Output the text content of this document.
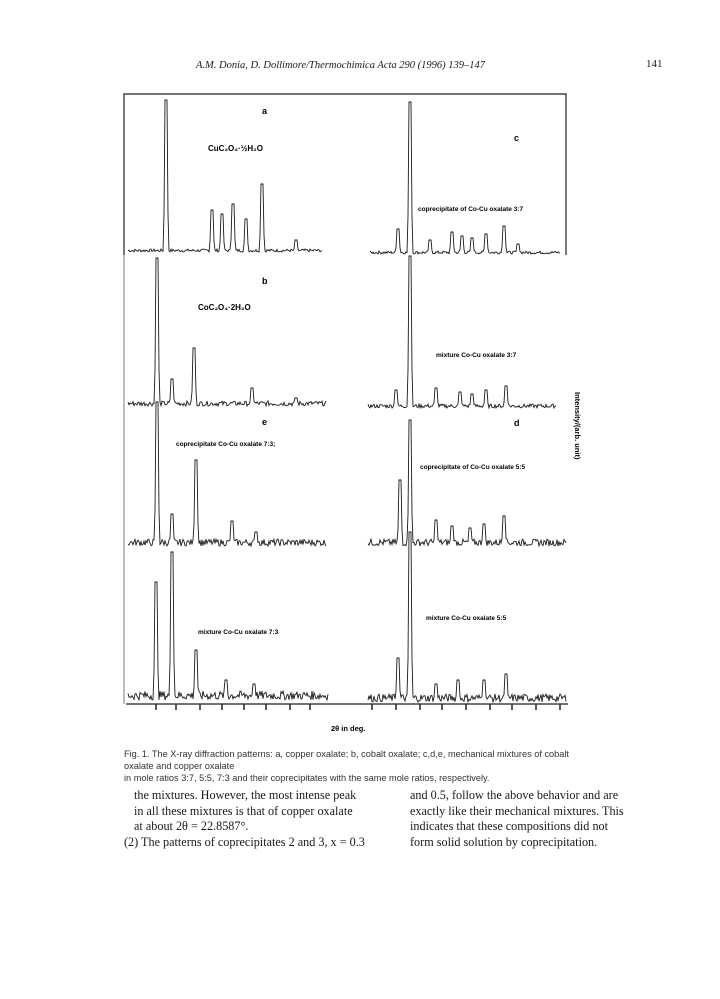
A.M. Donia, D. Dollimore/Thermochimica Acta 290 (1996) 139–147	141
a
CuC₂O₄·½H₂O
b
CoC₂O₄·2H₂O
c
coprecipitate of Co-Cu oxalate 3:7
mixture Co-Cu oxalate 3:7
e
coprecipitate Co-Cu oxalate 7:3;
d
coprecipitate of Co-Cu oxalate 5:5
mixture Co-Cu oxalate 7:3
mixture Co-Cu oxalate 5:5
2θ in deg.
Intensity/(arb. unit)
Fig. 1. The X-ray diffraction patterns: a, copper oxalate; b, cobalt oxalate; c,d,e, mechanical mixtures of cobalt oxalate and copper oxalate
in mole ratios 3:7, 5:5, 7:3 and their coprecipitates with the same mole ratios, respectively.
the mixtures. However, the most intense peak
in all these mixtures is that of copper oxalate
at about 2θ = 22.8587°.
(2) The patterns of coprecipitates 2 and 3, x = 0.3
and 0.5, follow the above behavior and are
exactly like their mechanical mixtures. This
indicates that these compositions did not
form solid solution by coprecipitation.
